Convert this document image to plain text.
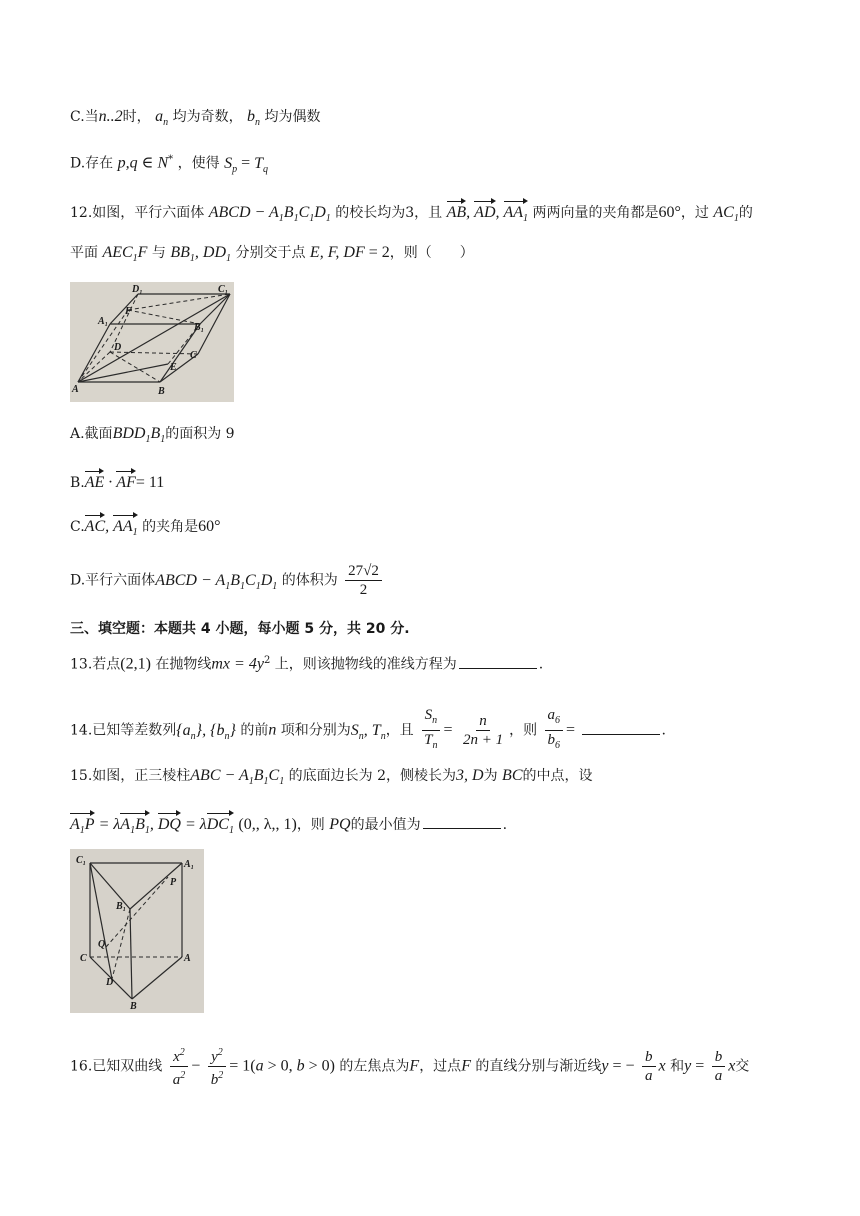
C.当n..2时， $a_n$ 均为奇数， $b_n$ 均为偶数
D.存在 p,q ∈ N* ，使得 $S_p = T_q$
12.如图，平行六面体 ABCD − $A_1B_1C_1D_1$ 的校长均为3，且 AB, AD, $AA_1$ 两两向量的夹角都是60°，过 $AC_1$的
平面 $AEC_1F$ 与 $BB_1$, $DD_1$ 分别交于点 E, F, DF = 2，则（　　）
D₁	C₁
A₁
F
B₁
D
C
E
A	B
A.截面$BDD_1B_1$的面积为 9
B.AE · AF= 11
C.AC, $AA_1$ 的夹角是60°
D.平行六面体ABCD − $A_1B_1C_1D_1$ 的体积为 $\frac{27√2}{2}$
三、填空题：本题共 4 小题，每小题 5 分，共 20 分.
13.若点(2,1) 在抛物线mx = $4y^2$ 上，则该抛物线的准线方程为	.
14.已知等差数列$\{a_n\}$, $\{b_n\}$ 的前n 项和分别为$S_n$, $T_n$，且 $\frac{S_n}{T_n} = \frac{n}{2n + 1}$ ，则 $\frac{a_6}{b_6}$ =	.
15.如图，正三棱柱ABC − $A_1B_1C_1$ 的底面边长为 2，侧棱长为3, D为 BC的中点，设
$A_1P = \lambda A_1B_1$, DQ = λDC$_1$ (0,, λ,, 1)，则 PQ的最小值为	.
C₁	A₁
P
B₁
Q
C	A
D
B
16.已知双曲线 $\frac{x^2}{a^2} - \frac{y^2}{b^2} = 1(a > 0$, b > 0) 的左焦点为F，过点F 的直线分别与渐近线y = − $\frac{b}{a}$ x 和$y = \frac{b}{a}$ x交
